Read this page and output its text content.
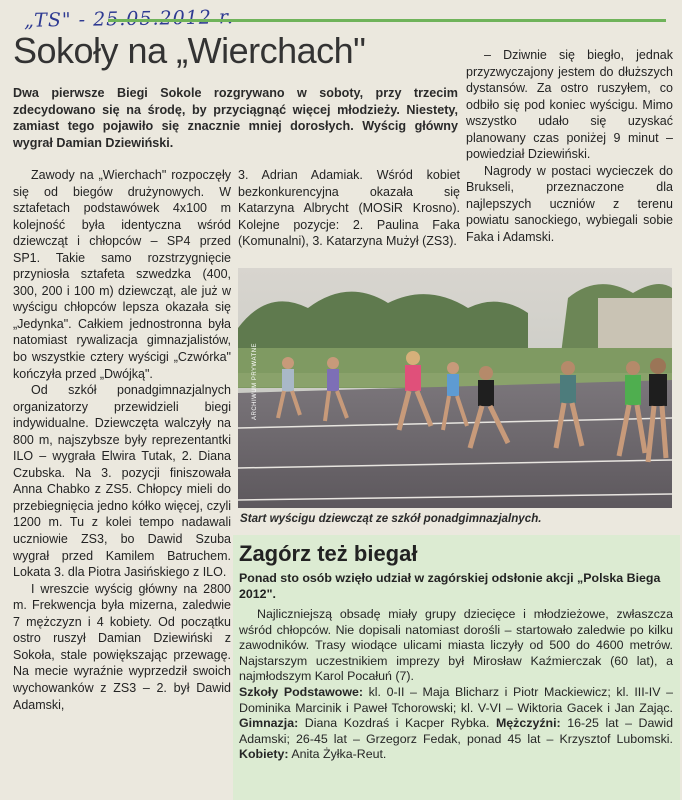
„TS" - 25.05.2012 r.
Sokoły na „Wierchach"

Dwa pierwsze Biegi Sokole rozgrywano w soboty, przy trzecim zdecydowano się na środę, by przyciągnąć więcej młodzieży. Niestety, zamiast tego pojawiło się znacznie mniej dorosłych. Wyścig główny wygrał Damian Dziewiński.

Zawody na „Wierchach" rozpoczęły się od biegów drużynowych. W sztafetach podstawówek 4x100 m kolejność była identyczna wśród dziewcząt i chłopców – SP4 przed SP1. Takie samo rozstrzygnięcie przyniosła sztafeta szwedzka (400, 300, 200 i 100 m) dziewcząt, ale już w wyścigu chłopców lepsza okazała się „Jedynka". Całkiem jednostronna była natomiast rywalizacja gimnazjalistów, bo wszystkie cztery wyścigi „Czwórka" kończyła przed „Dwójką".

Od szkół ponadgimnazjalnych organizatorzy przewidzieli biegi indywidualne. Dziewczęta walczyły na 800 m, najszybsze były reprezentantki ILO – wygrała Elwira Tutak, 2. Diana Czubska. Na 3. pozycji finiszowała Anna Chabko z ZS5. Chłopcy mieli do przebiegnięcia jedno kółko więcej, czyli 1200 m. Tu z kolei tempo nadawali uczniowie ZS3, bo Dawid Szuba wygrał przed Kamilem Batruchem. Lokata 3. dla Piotra Jasińskiego z ILO.

I wreszcie wyścig główny na 2800 m. Frekwencja była mizerna, zaledwie 7 mężczyzn i 4 kobiety. Od początku ostro ruszył Damian Dziewiński z Sokoła, stale powiększając przewagę. Na mecie wyraźnie wyprzedził swoich wychowanków z ZS3 – 2. był Dawid Adamski,

3. Adrian Adamiak. Wśród kobiet bezkonkurencyjna okazała się Katarzyna Albrycht (MOSiR Krosno). Kolejne pozycje: 2. Paulina Faka (Komunalni), 3. Katarzyna Mużył (ZS3).

– Dziwnie się biegło, jednak przyzwyczajony jestem do dłuższych dystansów. Za ostro ruszyłem, co odbiło się pod koniec wyścigu. Mimo wszystko udało się uzyskać planowany czas poniżej 9 minut – powiedział Dziewiński.

Nagrody w postaci wycieczek do Brukseli, przeznaczone dla najlepszych uczniów z terenu powiatu sanockiego, wybiegali sobie Faka i Adamski.

ARCHIWUM PRYWATNE
Start wyścigu dziewcząt ze szkół ponadgimnazjalnych.
Zagórz też biegał

Ponad sto osób wzięło udział w zagórskiej odsłonie akcji „Polska Biega 2012".

Najliczniejszą obsadę miały grupy dziecięce i młodzieżowe, zwłaszcza wśród chłopców. Nie dopisali natomiast dorośli – startowało zaledwie po kilku zawodników. Trasy wiodące ulicami miasta liczyły od 500 do 4600 metrów. Najstarszym uczestnikiem imprezy był Mirosław Kaźmierczak (60 lat), a najmłodszym Karol Pocałuń (7).

Szkoły Podstawowe: kl. 0-II – Maja Blicharz i Piotr Mackiewicz; kl. III-IV – Dominika Marcinik i Paweł Tchorowski; kl. V-VI – Wiktoria Gacek i Jan Zając. Gimnazja: Diana Kozdraś i Kacper Rybka. Mężczyźni: 16-25 lat – Dawid Adamski; 26-45 lat – Grzegorz Fedak, ponad 45 lat – Krzysztof Lubomski. Kobiety: Anita Żyłka-Reut.
